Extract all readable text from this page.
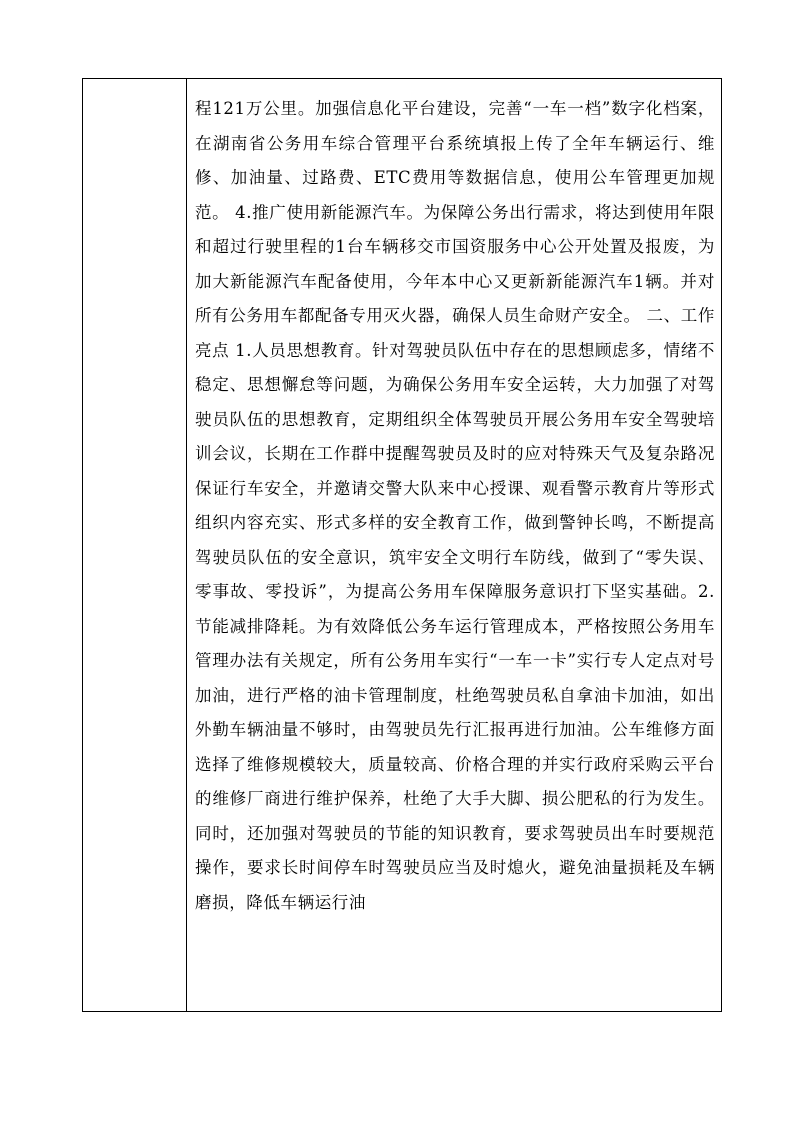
程121万公里。加强信息化平台建设，完善“一车一档”数字化档案，在湖南省公务用车综合管理平台系统填报上传了全年车辆运行、维修、加油量、过路费、ETC费用等数据信息，使用公车管理更加规范。 4.推广使用新能源汽车。为保障公务出行需求，将达到使用年限和超过行驶里程的1台车辆移交市国资服务中心公开处置及报废，为加大新能源汽车配备使用，今年本中心又更新新能源汽车1辆。并对所有公务用车都配备专用灭火器，确保人员生命财产安全。 二、工作亮点 1.人员思想教育。针对驾驶员队伍中存在的思想顾虑多，情绪不稳定、思想懈怠等问题，为确保公务用车安全运转，大力加强了对驾驶员队伍的思想教育，定期组织全体驾驶员开展公务用车安全驾驶培训会议，长期在工作群中提醒驾驶员及时的应对特殊天气及复杂路况保证行车安全，并邀请交警大队来中心授课、观看警示教育片等形式组织内容充实、形式多样的安全教育工作，做到警钟长鸣，不断提高驾驶员队伍的安全意识，筑牢安全文明行车防线，做到了“零失误、零事故、零投诉”，为提高公务用车保障服务意识打下坚实基础。2.节能减排降耗。为有效降低公务车运行管理成本，严格按照公务用车管理办法有关规定，所有公务用车实行“一车一卡”实行专人定点对号加油，进行严格的油卡管理制度，杜绝驾驶员私自拿油卡加油，如出外勤车辆油量不够时，由驾驶员先行汇报再进行加油。公车维修方面选择了维修规模较大，质量较高、价格合理的并实行政府采购云平台的维修厂商进行维护保养，杜绝了大手大脚、损公肥私的行为发生。同时，还加强对驾驶员的节能的知识教育，要求驾驶员出车时要规范操作，要求长时间停车时驾驶员应当及时熄火，避免油量损耗及车辆磨损，降低车辆运行油
